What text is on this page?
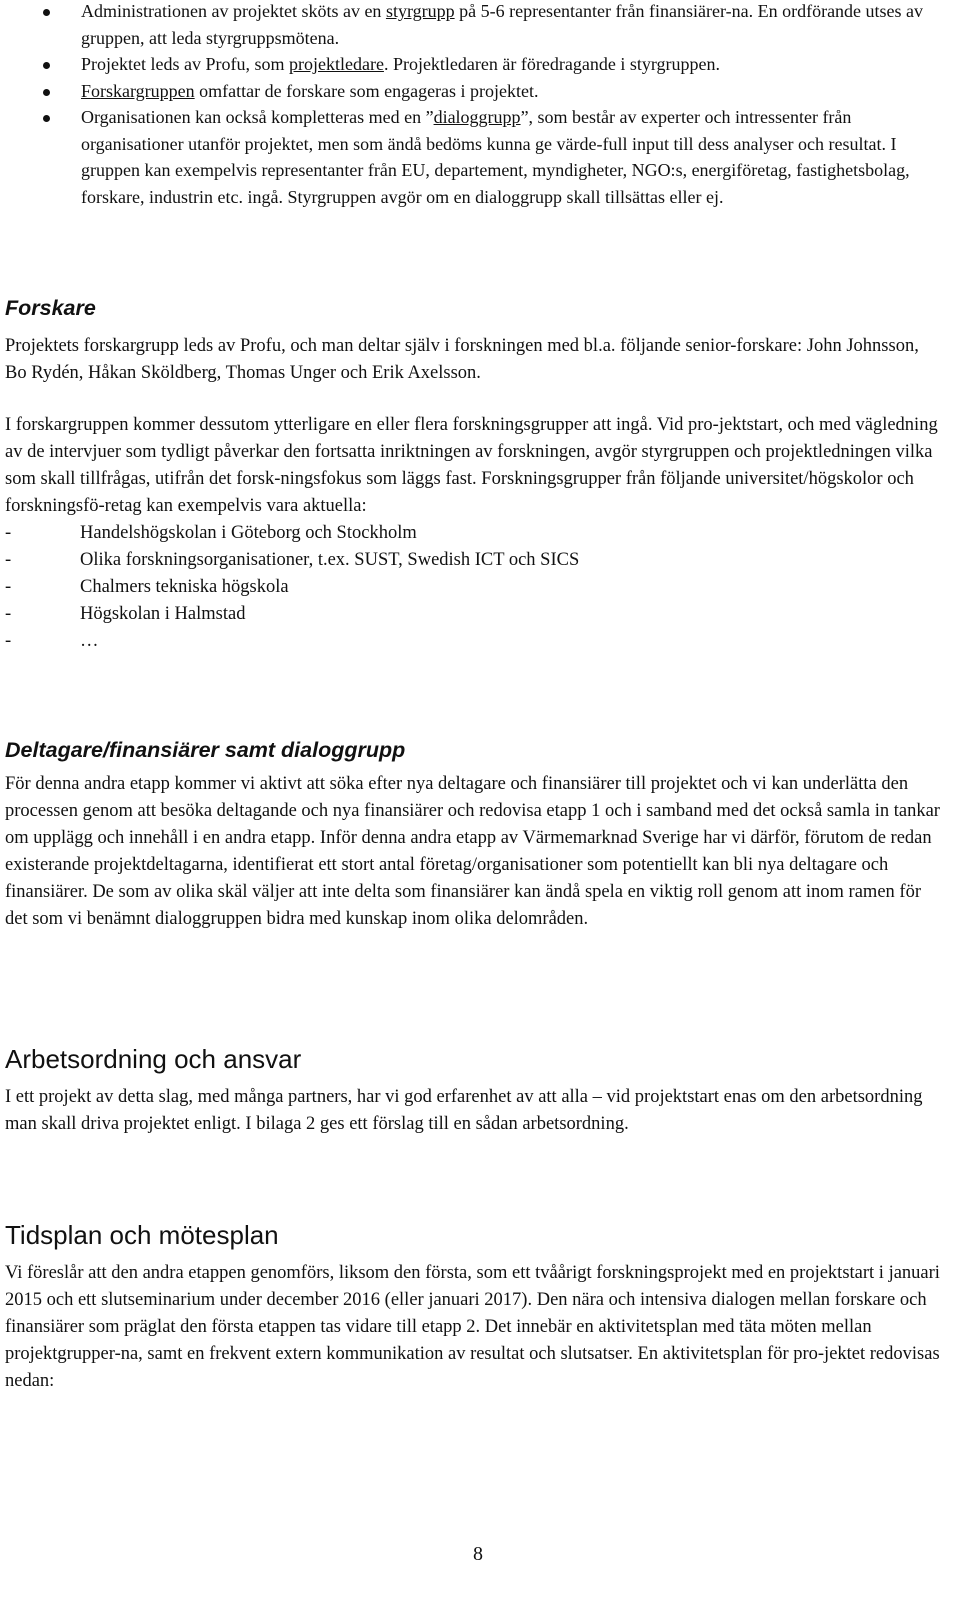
Administrationen av projektet sköts av en styrgrupp på 5-6 representanter från finansiärer-na. En ordförande utses av gruppen, att leda styrgruppsmötena.
Projektet leds av Profu, som projektledare. Projektledaren är föredragande i styrgruppen.
Forskargruppen omfattar de forskare som engageras i projektet.
Organisationen kan också kompletteras med en ”dialoggrupp”, som består av experter och intressenter från organisationer utanför projektet, men som ändå bedöms kunna ge värde-full input till dess analyser och resultat. I gruppen kan exempelvis representanter från EU, departement, myndigheter, NGO:s, energiföretag, fastighetsbolag, forskare, industrin etc. ingå. Styrgruppen avgör om en dialoggrupp skall tillsättas eller ej.
Forskare

Projektets forskargrupp leds av Profu, och man deltar själv i forskningen med bl.a. följande senior-forskare: John Johnsson, Bo Rydén, Håkan Sköldberg, Thomas Unger och Erik Axelsson.

I forskargruppen kommer dessutom ytterligare en eller flera forskningsgrupper att ingå. Vid pro-jektstart, och med vägledning av de intervjuer som tydligt påverkar den fortsatta inriktningen av forskningen, avgör styrgruppen och projektledningen vilka som skall tillfrågas, utifrån det forsk-ningsfokus som läggs fast. Forskningsgrupper från följande universitet/högskolor och forskningsfö-retag kan exempelvis vara aktuella:

-	Handelshögskolan i Göteborg och Stockholm
-	Olika forskningsorganisationer, t.ex. SUST, Swedish ICT och SICS
-	Chalmers tekniska högskola
-	Högskolan i Halmstad
-	…
Deltagare/finansiärer samt dialoggrupp

För denna andra etapp kommer vi aktivt att söka efter nya deltagare och finansiärer till projektet och vi kan underlätta den processen genom att besöka deltagande och nya finansiärer och redovisa etapp 1 och i samband med det också samla in tankar om upplägg och innehåll i en andra etapp. Inför denna andra etapp av Värmemarknad Sverige har vi därför, förutom de redan existerande projektdeltagarna, identifierat ett stort antal företag/organisationer som potentiellt kan bli nya deltagare och finansiärer. De som av olika skäl väljer att inte delta som finansiärer kan ändå spela en viktig roll genom att inom ramen för det som vi benämnt dialoggruppen bidra med kunskap inom olika delområden.

Arbetsordning och ansvar

I ett projekt av detta slag, med många partners, har vi god erfarenhet av att alla – vid projektstart enas om den arbetsordning man skall driva projektet enligt. I bilaga 2 ges ett förslag till en sådan arbetsordning.

Tidsplan och mötesplan

Vi föreslår att den andra etappen genomförs, liksom den första, som ett tvåårigt forskningsprojekt med en projektstart i januari 2015 och ett slutseminarium under december 2016 (eller januari 2017). Den nära och intensiva dialogen mellan forskare och finansiärer som präglat den första etappen tas vidare till etapp 2. Det innebär en aktivitetsplan med täta möten mellan projektgrupper-na, samt en frekvent extern kommunikation av resultat och slutsatser. En aktivitetsplan för pro-jektet redovisas nedan:

8
